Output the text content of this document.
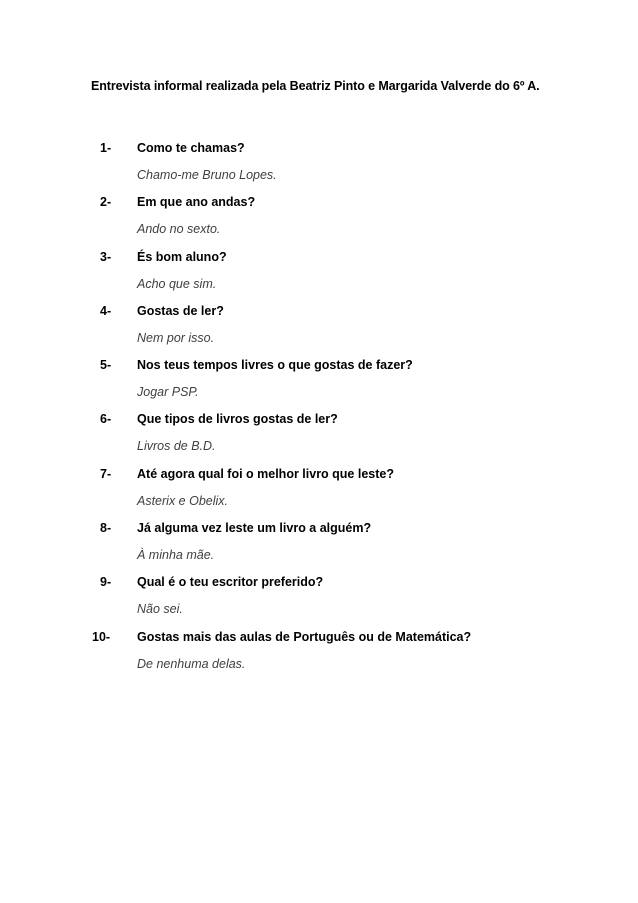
Entrevista informal realizada pela Beatriz Pinto e Margarida Valverde do 6º A.
1-	Como te chamas?
Chamo-me Bruno Lopes.
2-	Em que ano andas?
Ando no sexto.
3-	És bom aluno?
Acho que sim.
4-	Gostas de ler?
Nem por isso.
5-	Nos teus tempos livres o que gostas de fazer?
Jogar PSP.
6-	Que tipos de livros gostas de ler?
Livros de B.D.
7-	Até agora qual foi o melhor livro que leste?
Asterix e Obelix.
8-	Já alguma vez leste um livro a alguém?
À minha mãe.
9-	Qual é o teu escritor preferido?
Não sei.
10-	Gostas mais das aulas de Português ou de Matemática?
De nenhuma delas.
